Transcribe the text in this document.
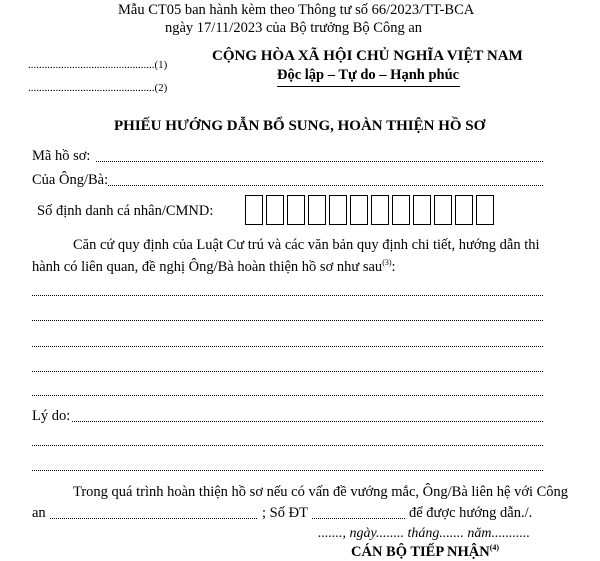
Mẫu CT05 ban hành kèm theo Thông tư số 66/2023/TT-BCA
ngày 17/11/2023 của Bộ trưởng Bộ Công an
..............................................(1)
..............................................(2)
CỘNG HÒA XÃ HỘI CHỦ NGHĨA VIỆT NAM
Độc lập – Tự do – Hạnh phúc
PHIẾU HƯỚNG DẪN BỔ SUNG, HOÀN THIỆN HỒ SƠ
Mã hồ sơ:
Của Ông/Bà:
Số định danh cá nhân/CMND:
Căn cứ quy định của Luật Cư trú và các văn bản quy định chi tiết, hướng dẫn thi
hành có liên quan, đề nghị Ông/Bà hoàn thiện hồ sơ như sau$^{(3)}$:
Lý do:
Trong quá trình hoàn thiện hồ sơ nếu có vấn đề vướng mắc, Ông/Bà liên hệ với Công
an	; Số ĐT	để được hướng dẫn./.
......., ngày........ tháng....... năm...........
CÁN BỘ TIẾP NHẬN$^{(4)}$
